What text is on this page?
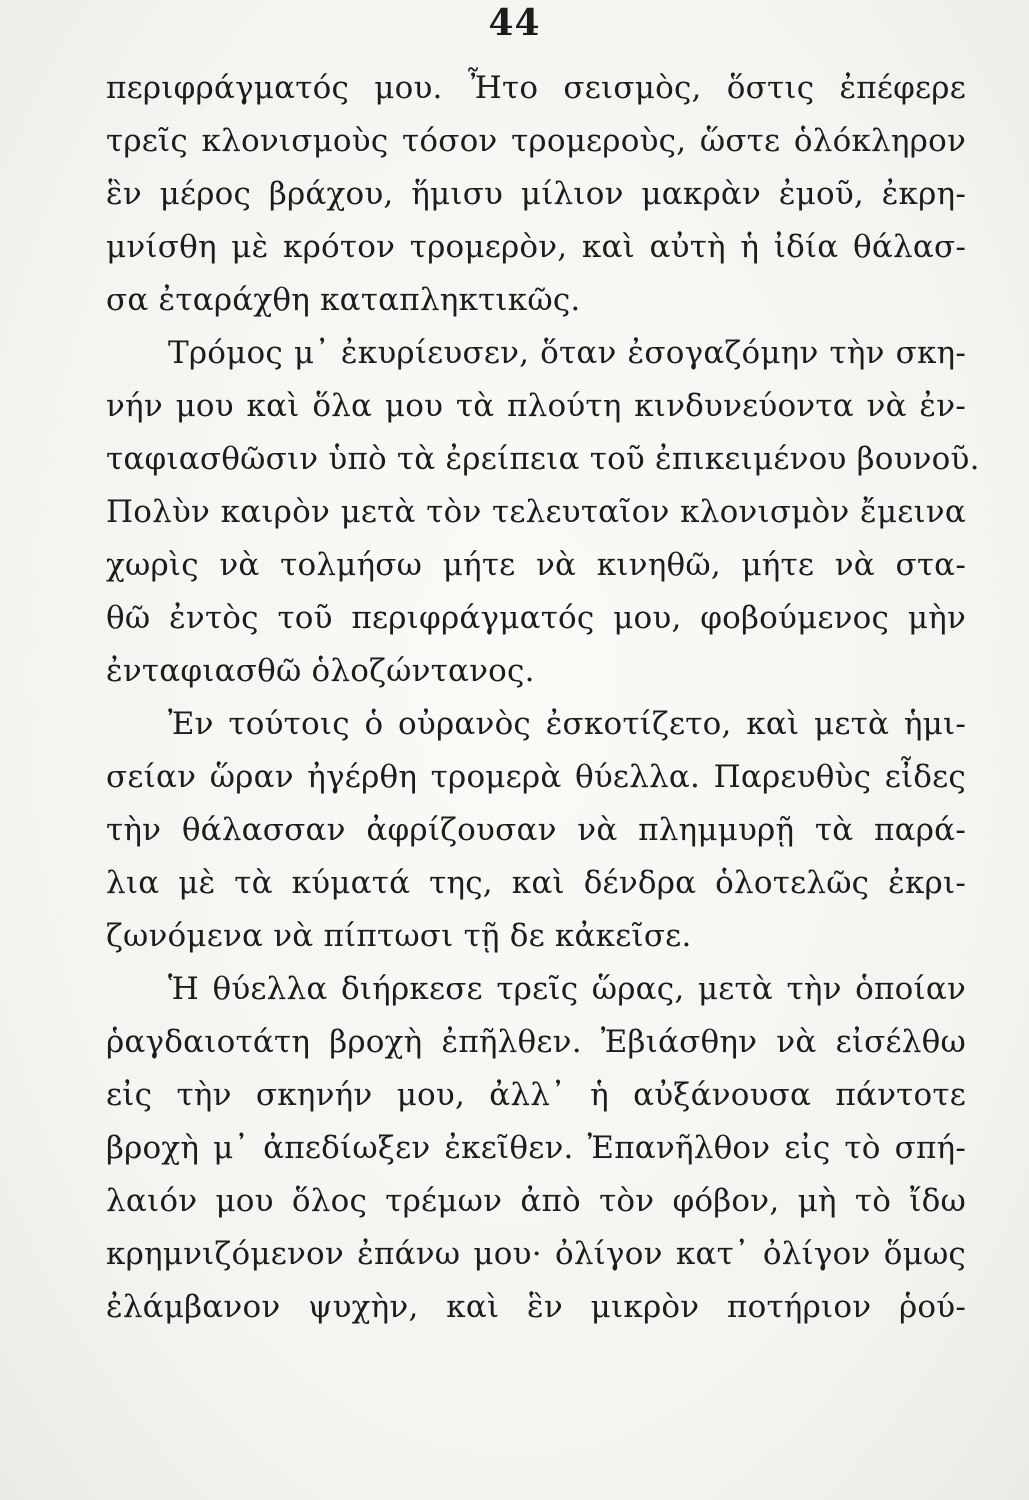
44
περιφράγματός μου. Ἦτο σεισμὸς, ὅστις ἐπέφερε
τρεῖς κλονισμοὺς τόσον τρομεροὺς, ὥστε ὁλόκληρον
ἓν μέρος βράχου, ἥμισυ μίλιον μακρὰν ἐμοῦ, ἐκρη-
μνίσθη μὲ κρότον τρομερὸν, καὶ αὐτὴ ἡ ἰδία θάλασ-
σα ἐταράχθη καταπληκτικῶς.
Τρόμος μ᾽ ἐκυρίευσεν, ὅταν ἐσογαζόμην τὴν σκη-
νήν μου καὶ ὅλα μου τὰ πλούτη κινδυνεύοντα νὰ ἐν-
ταφιασθῶσιν ὑπὸ τὰ ἐρείπεια τοῦ ἐπικειμένου βουνοῦ.
Πολὺν καιρὸν μετὰ τὸν τελευταῖον κλονισμὸν ἔμεινα
χωρὶς νὰ τολμήσω μήτε νὰ κινηθῶ, μήτε νὰ στα-
θῶ ἐντὸς τοῦ περιφράγματός μου, φοβούμενος μὴν
ἐνταφιασθῶ ὁλοζώντανος.
Ἐν τούτοις ὁ οὐρανὸς ἐσκοτίζετο, καὶ μετὰ ἡμι-
σείαν ὥραν ἠγέρθη τρομερὰ θύελλα. Παρευθὺς εἶδες
τὴν θάλασσαν ἀφρίζουσαν νὰ πλημμυρῇ τὰ παρά-
λια μὲ τὰ κύματά της, καὶ δένδρα ὁλοτελῶς ἐκρι-
ζωνόμενα νὰ πίπτωσι τῇ δε κἀκεῖσε.
Ἡ θύελλα διήρκεσε τρεῖς ὥρας, μετὰ τὴν ὁποίαν
ῥαγδαιοτάτη βροχὴ ἐπῆλθεν. Ἐβιάσθην νὰ εἰσέλθω
εἰς τὴν σκηνήν μου, ἀλλ᾽ ἡ αὐξάνουσα πάντοτε
βροχὴ μ᾽ ἀπεδίωξεν ἐκεῖθεν. Ἐπανῆλθον εἰς τὸ σπή-
λαιόν μου ὅλος τρέμων ἀπὸ τὸν φόβον, μὴ τὸ ἴδω
κρημνιζόμενον ἐπάνω μου· ὀλίγον κατ᾽ ὀλίγον ὅμως
ἐλάμβανον ψυχὴν, καὶ ἓν μικρὸν ποτήριον ῥού-
